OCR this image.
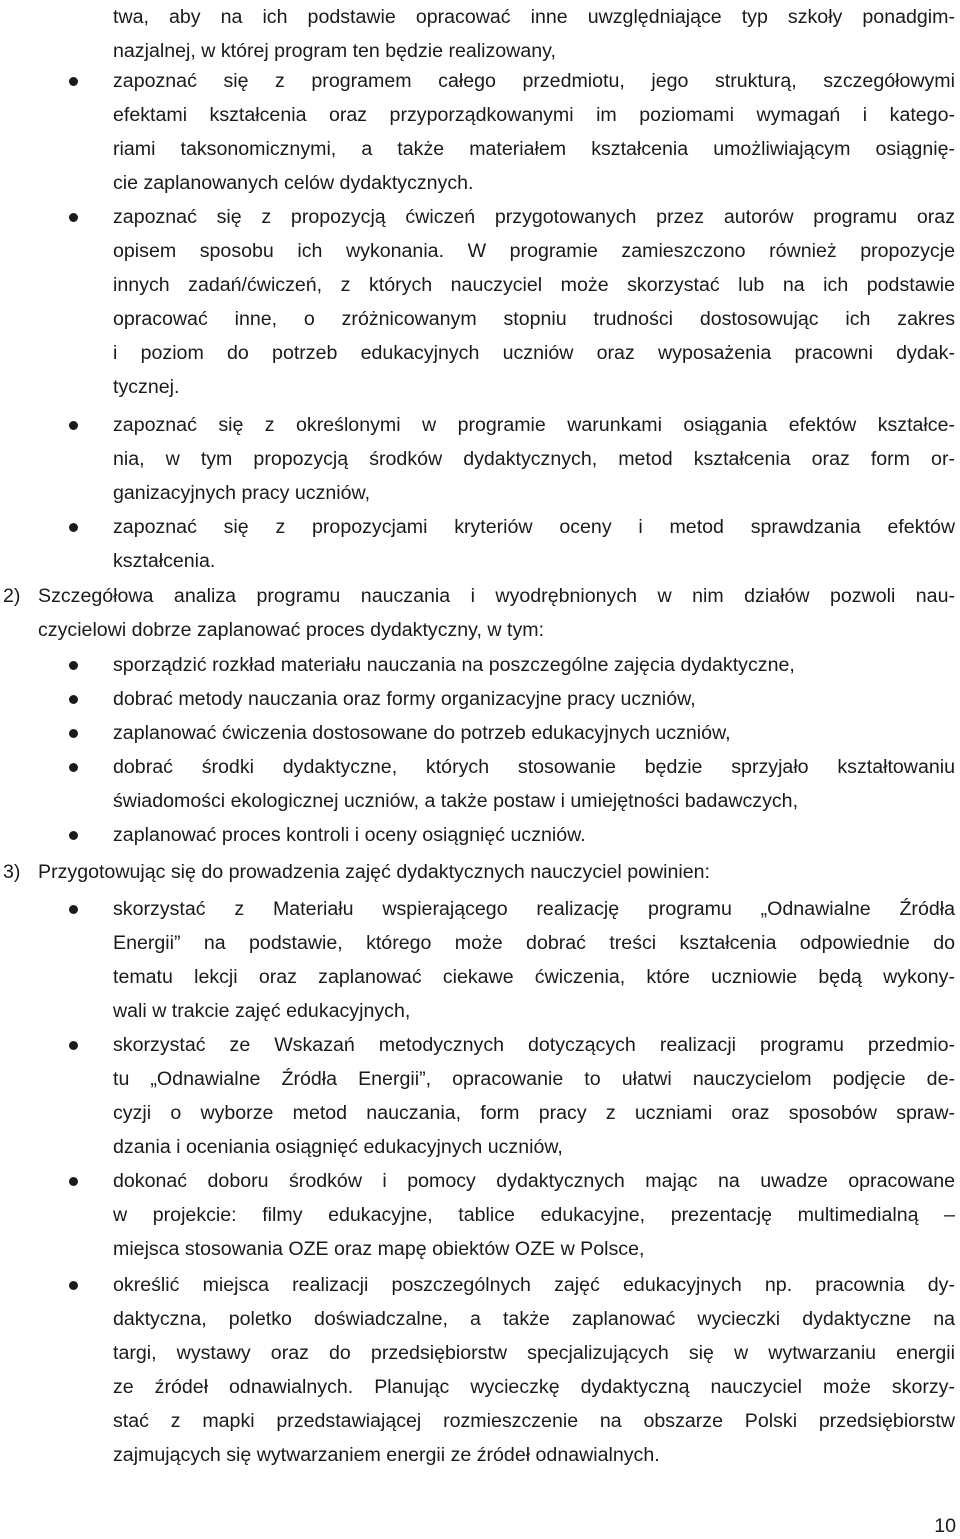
twa, aby na ich podstawie opracować inne uwzględniające typ szkoły ponadgim-
nazjalnej, w której program ten będzie realizowany,
zapoznać się z programem całego przedmiotu, jego strukturą, szczegółowymi
efektami kształcenia oraz przyporządkowanymi im poziomami wymagań i katego-
riami taksonomicznymi, a także materiałem kształcenia umożliwiającym osiągnię-
cie zaplanowanych celów dydaktycznych.
zapoznać się z propozycją ćwiczeń przygotowanych przez autorów programu oraz
opisem sposobu ich wykonania. W programie zamieszczono również propozycje
innych zadań/ćwiczeń, z których nauczyciel może skorzystać lub na ich podstawie
opracować inne, o zróżnicowanym stopniu trudności dostosowując ich zakres
i poziom do potrzeb edukacyjnych uczniów oraz wyposażenia pracowni dydak-
tycznej.
zapoznać się z określonymi w programie warunkami osiągania efektów kształce-
nia, w tym propozycją środków dydaktycznych, metod kształcenia oraz form or-
ganizacyjnych pracy uczniów,
zapoznać się z propozycjami kryteriów oceny i metod sprawdzania efektów
kształcenia.
2) Szczegółowa analiza programu nauczania i wyodrębnionych w nim działów pozwoli nau-
czycielowi dobrze zaplanować proces dydaktyczny, w tym:
sporządzić rozkład materiału nauczania na poszczególne zajęcia dydaktyczne,
dobrać metody nauczania oraz formy organizacyjne pracy uczniów,
zaplanować ćwiczenia dostosowane do potrzeb edukacyjnych uczniów,
dobrać środki dydaktyczne, których stosowanie będzie sprzyjało kształtowaniu
świadomości ekologicznej uczniów, a także postaw i umiejętności badawczych,
zaplanować proces kontroli i oceny osiągnięć uczniów.
3) Przygotowując się do prowadzenia zajęć dydaktycznych nauczyciel powinien:
skorzystać z Materiału wspierającego realizację programu „Odnawialne Źródła
Energii” na podstawie, którego może dobrać treści kształcenia odpowiednie do
tematu lekcji oraz zaplanować ciekawe ćwiczenia, które uczniowie będą wykony-
wali w trakcie zajęć edukacyjnych,
skorzystać ze Wskazań metodycznych dotyczących realizacji programu przedmio-
tu „Odnawialne Źródła Energii”, opracowanie to ułatwi nauczycielom podjęcie de-
cyzji o wyborze metod nauczania, form pracy z uczniami oraz sposobów spraw-
dzania i oceniania osiągnięć edukacyjnych uczniów,
dokonać doboru środków i pomocy dydaktycznych mając na uwadze opracowane
w projekcie: filmy edukacyjne, tablice edukacyjne, prezentację multimedialną –
miejsca stosowania OZE oraz mapę obiektów OZE w Polsce,
określić miejsca realizacji poszczególnych zajęć edukacyjnych np. pracownia dy-
daktyczna, poletko doświadczalne, a także zaplanować wycieczki dydaktyczne na
targi, wystawy oraz do przedsiębiorstw specjalizujących się w wytwarzaniu energii
ze źródeł odnawialnych. Planując wycieczkę dydaktyczną nauczyciel może skorzy-
stać z mapki przedstawiającej rozmieszczenie na obszarze Polski przedsiębiorstw
zajmujących się wytwarzaniem energii ze źródeł odnawialnych.
10
